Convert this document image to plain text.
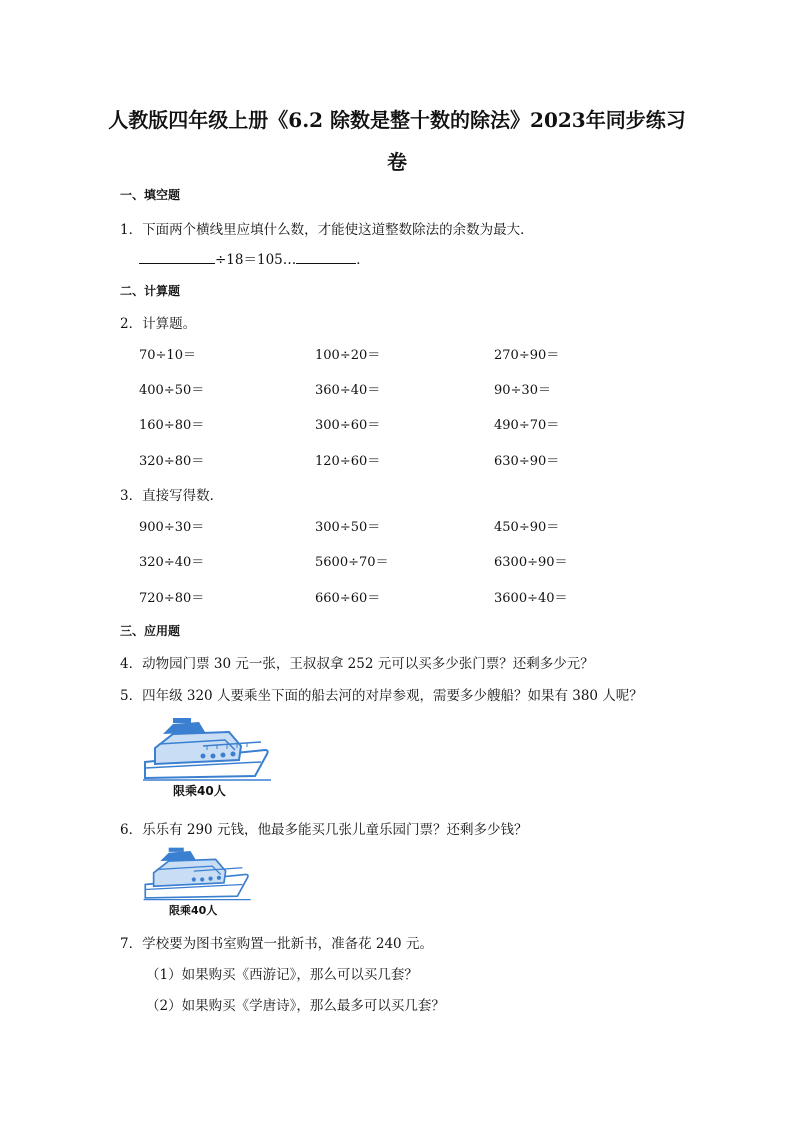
人教版四年级上册《6.2 除数是整十数的除法》2023年同步练习
卷
一、填空题
1．下面两个横线里应填什么数，才能使这道整数除法的余数为最大．
÷18＝105…	．
二、计算题
2．计算题。
70÷10＝	100÷20＝	270÷90＝
400÷50＝	360÷40＝	90÷30＝
160÷80＝	300÷60＝	490÷70＝
320÷80＝	120÷60＝	630÷90＝
3．直接写得数．
900÷30＝	300÷50＝	450÷90＝
320÷40＝	5600÷70＝	6300÷90＝
720÷80＝	660÷60＝	3600÷40＝
三、应用题
4．动物园门票 30 元一张，王叔叔拿 252 元可以买多少张门票？还剩多少元？
5．四年级 320 人要乘坐下面的船去河的对岸参观，需要多少艘船？如果有 380 人呢？
限乘40人
6．乐乐有 290 元钱，他最多能买几张儿童乐园门票？还剩多少钱？
限乘40人
7．学校要为图书室购置一批新书，准备花 240 元。
（1）如果购买《西游记》，那么可以买几套？
（2）如果购买《学唐诗》，那么最多可以买几套？
